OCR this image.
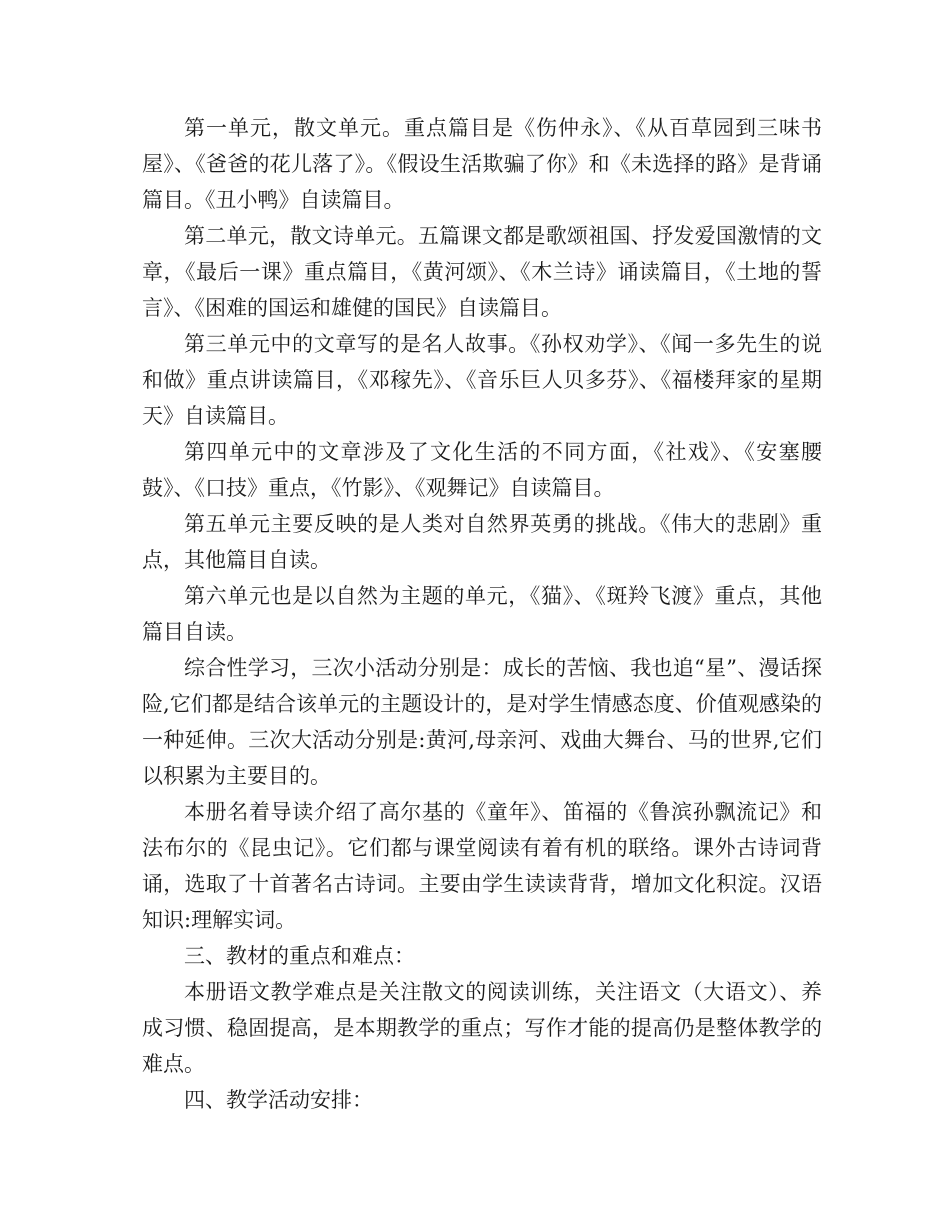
第一单元，散文单元。重点篇目是《伤仲永》、《从百草园到三味书屋》、《爸爸的花儿落了》。《假设生活欺骗了你》和《未选择的路》是背诵篇目。《丑小鸭》自读篇目。

第二单元，散文诗单元。五篇课文都是歌颂祖国、抒发爱国激情的文章，《最后一课》重点篇目，《黄河颂》、《木兰诗》诵读篇目，《土地的誓言》、《困难的国运和雄健的国民》自读篇目。

第三单元中的文章写的是名人故事。《孙权劝学》、《闻一多先生的说和做》重点讲读篇目，《邓稼先》、《音乐巨人贝多芬》、《福楼拜家的星期天》自读篇目。

第四单元中的文章涉及了文化生活的不同方面，《社戏》、《安塞腰鼓》、《口技》重点，《竹影》、《观舞记》自读篇目。

第五单元主要反映的是人类对自然界英勇的挑战。《伟大的悲剧》重点，其他篇目自读。

第六单元也是以自然为主题的单元，《猫》、《斑羚飞渡》重点，其他篇目自读。

综合性学习，三次小活动分别是：成长的苦恼、我也追“星”、漫话探险,它们都是结合该单元的主题设计的，是对学生情感态度、价值观感染的一种延伸。三次大活动分别是:黄河,母亲河、戏曲大舞台、马的世界,它们以积累为主要目的。

本册名着导读介绍了高尔基的《童年》、笛福的《鲁滨孙飘流记》和法布尔的《昆虫记》。它们都与课堂阅读有着有机的联络。课外古诗词背诵，选取了十首著名古诗词。主要由学生读读背背，增加文化积淀。汉语知识:理解实词。

三、教材的重点和难点：

本册语文教学难点是关注散文的阅读训练，关注语文（大语文）、养成习惯、稳固提高，是本期教学的重点；写作才能的提高仍是整体教学的难点。

四、教学活动安排：
